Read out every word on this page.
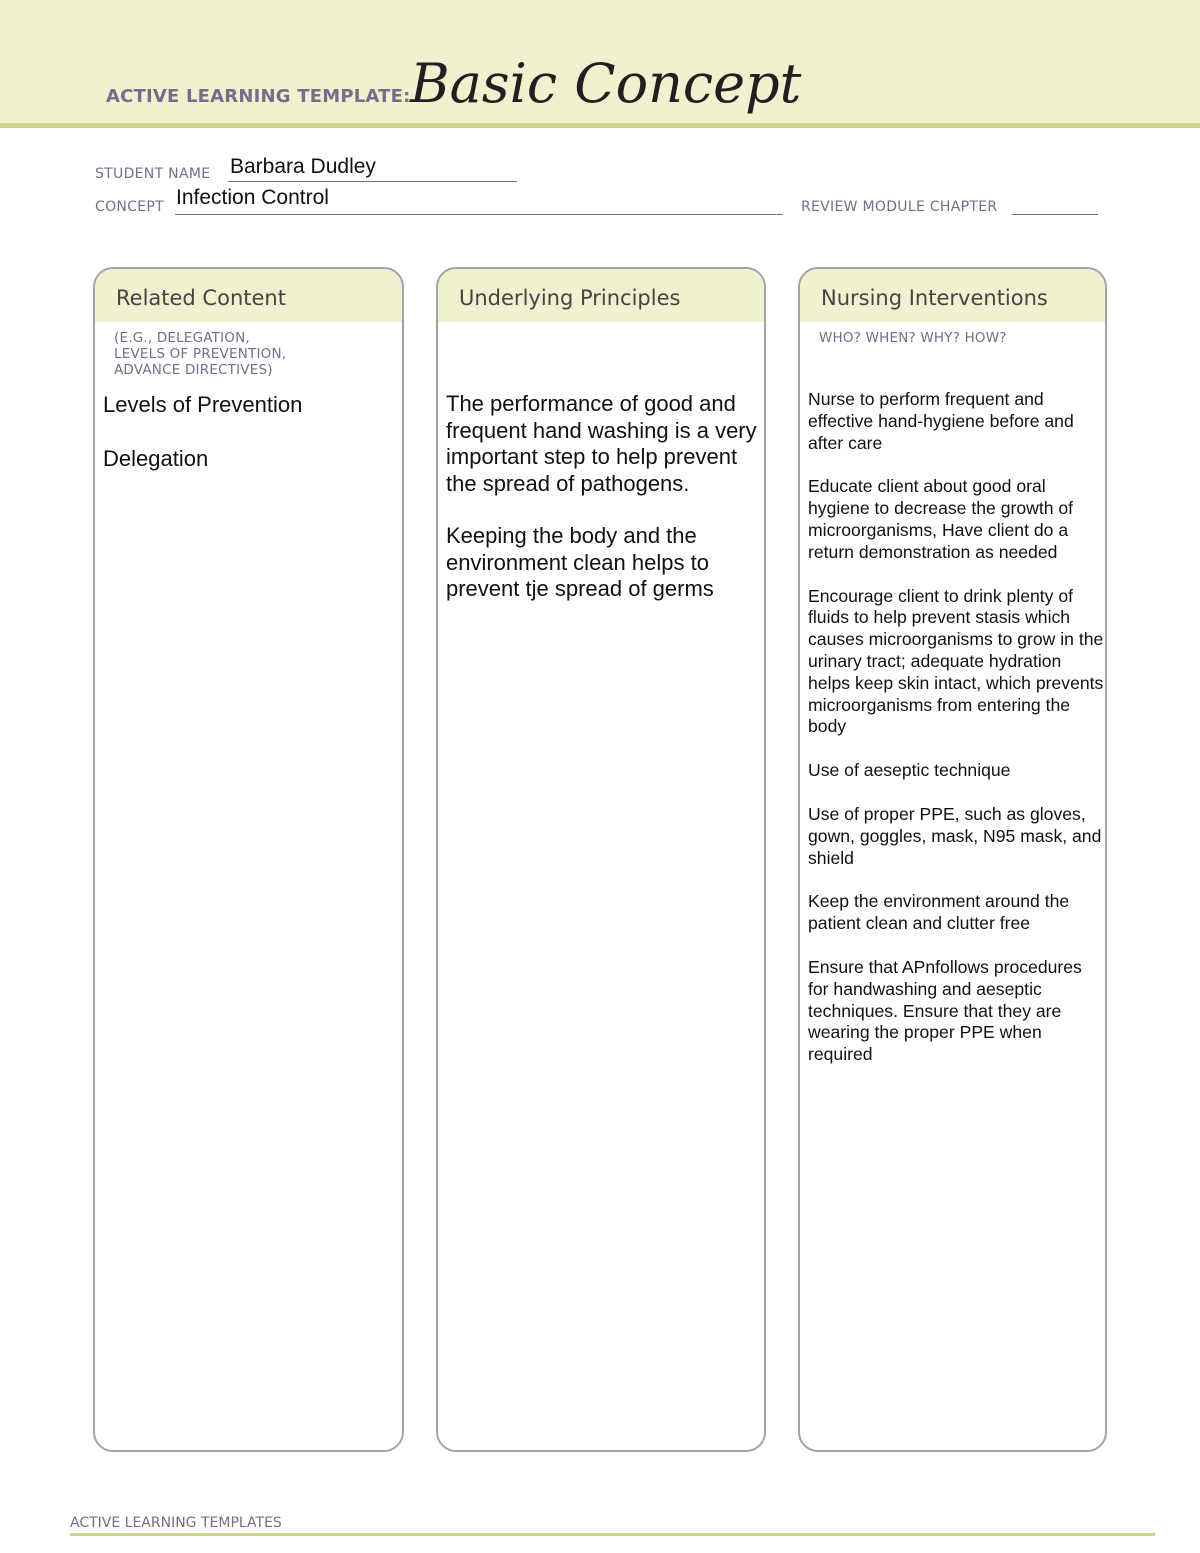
ACTIVE LEARNING TEMPLATE: Basic Concept
STUDENT NAME Barbara Dudley
CONCEPT Infection Control	REVIEW MODULE CHAPTER
Related Content
(E.G., DELEGATION,
LEVELS OF PREVENTION,
ADVANCE DIRECTIVES)

Levels of Prevention

Delegation

Underlying Principles

The performance of good and frequent hand washing is a very important step to help prevent the spread of pathogens.

Keeping the body and the environment clean helps to prevent tje spread of germs

Nursing Interventions
WHO? WHEN? WHY? HOW?

Nurse to perform frequent and effective hand-hygiene before and after care

Educate client about good oral hygiene to decrease the growth of microorganisms, Have client do a return demonstration as needed

Encourage client to drink plenty of fluids to help prevent stasis which causes microorganisms to grow in the urinary tract; adequate hydration helps keep skin intact, which prevents microorganisms from entering the body

Use of aeseptic technique

Use of proper PPE, such as gloves, gown, goggles, mask, N95 mask, and shield

Keep the environment around the patient clean and clutter free

Ensure that APnfollows procedures for handwashing and aeseptic techniques. Ensure that they are wearing the proper PPE when required

ACTIVE LEARNING TEMPLATES
